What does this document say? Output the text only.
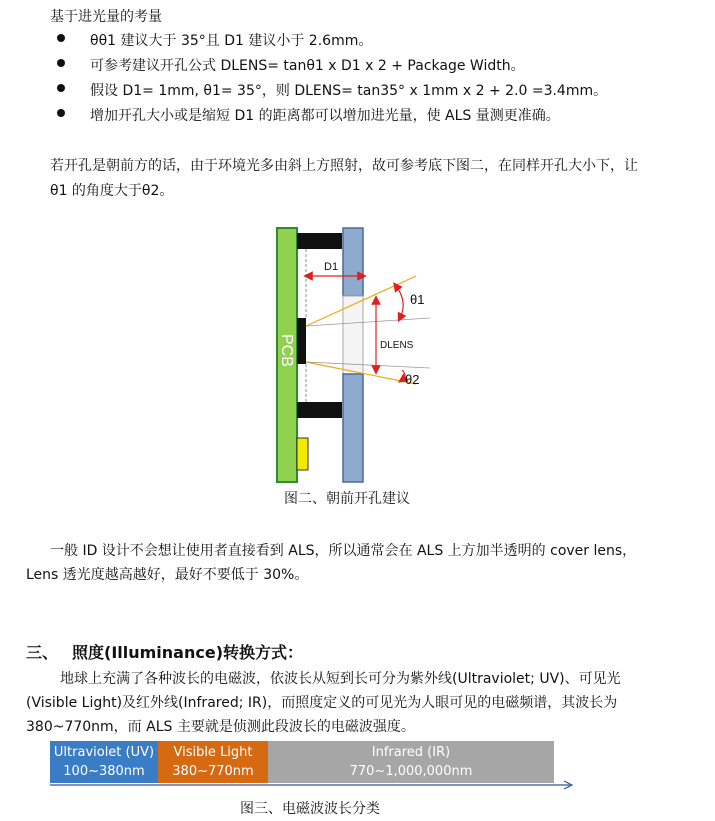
基于进光量的考量
θθ1 建议大于 35°且 D1 建议小于 2.6mm。
可参考建议开孔公式 DLENS= tanθ1 x D1 x 2 + Package Width。
假设 D1= 1mm, θ1= 35°，则 DLENS= tan35° x 1mm x 2 + 2.0 =3.4mm。
增加开孔大小或是缩短 D1 的距离都可以增加进光量，使 ALS 量测更准确。
若开孔是朝前方的话，由于环境光多由斜上方照射，故可参考底下图二，在同样开孔大小下，让
θ1 的角度大于θ2。
PCB ALS
D1
DLENS
θ1
θ2
图二、朝前开孔建议
一般 ID 设计不会想让使用者直接看到 ALS，所以通常会在 ALS 上方加半透明的 cover lens，
Lens 透光度越高越好，最好不要低于 30%。
三、 照度(Illuminance)转换方式：
地球上充满了各种波长的电磁波，依波长从短到长可分为紫外线(Ultraviolet; UV)、可见光
(Visible Light)及红外线(Infrared; IR)，而照度定义的可见光为人眼可见的电磁频谱，其波长为
380~770nm，而 ALS 主要就是侦测此段波长的电磁波强度。
Ultraviolet (UV)
100~380nm
Visible Light
380~770nm
Infrared (IR)
770~1,000,000nm
图三、电磁波波长分类
